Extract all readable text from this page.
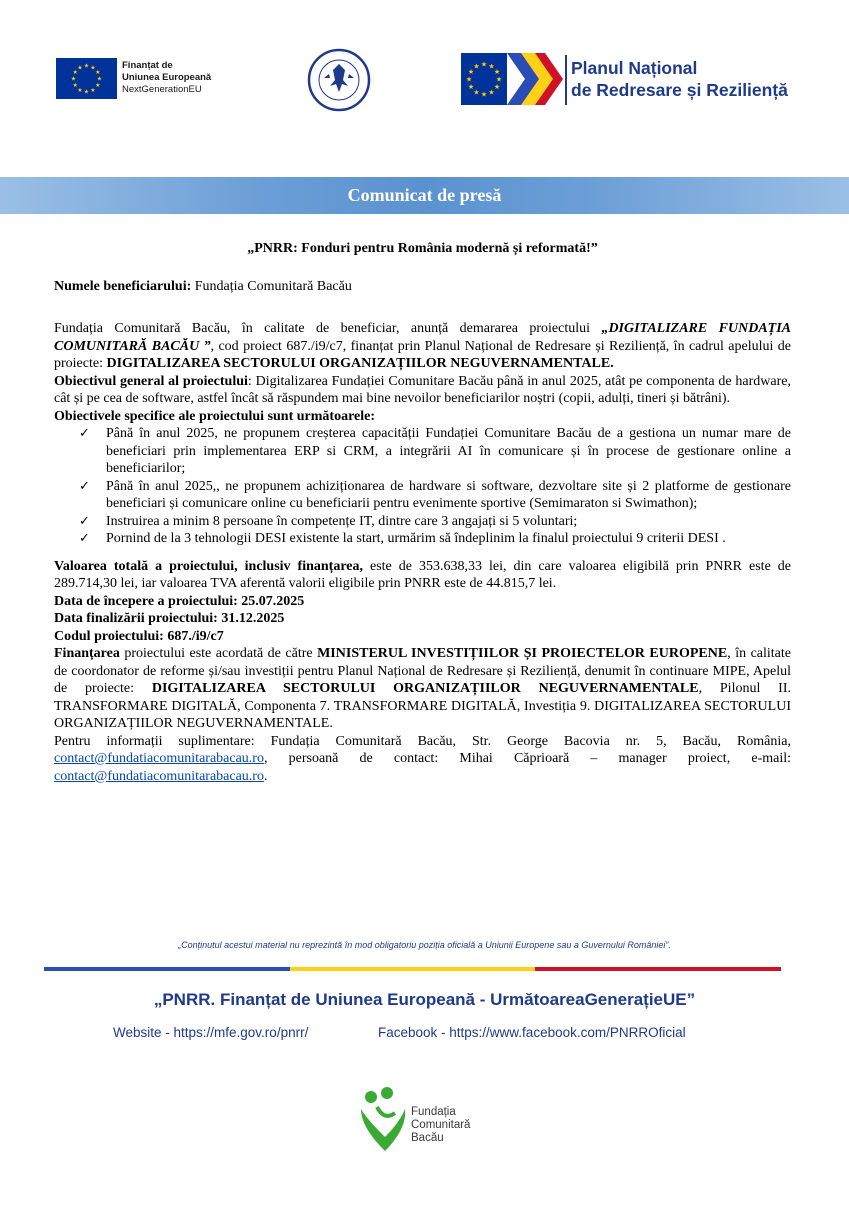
★
★
★
★
★
★
★
★
★ ★ ★
★
Finanțat de
Uniunea Europeană
NextGenerationEU
★
★
★
★
★
★
★
★
★ ★ ★
★	Planul Național
de Redresare și Reziliență
Comunicat de presă

„PNRR: Fonduri pentru România modernă și reformată!”

Numele beneficiarului: Fundația Comunitară Bacău

Fundația Comunitară Bacău, în calitate de beneficiar, anunță demararea proiectului „DIGITALIZARE FUNDAȚIA COMUNITARĂ BACĂU ”, cod proiect 687./i9/c7, finanțat prin Planul Național de Redresare și Reziliență, în cadrul apelului de proiecte: DIGITALIZAREA SECTORULUI ORGANIZAȚIILOR NEGUVERNAMENTALE.

Obiectivul general al proiectului: Digitalizarea Fundației Comunitare Bacău până in anul 2025, atât pe componenta de hardware, cât și pe cea de software, astfel încât să răspundem mai bine nevoilor beneficiarilor noștri (copii, adulți, tineri și bătrâni).

Obiectivele specifice ale proiectului sunt următoarele:

✓ Până în anul 2025, ne propunem creșterea capacitǎții Fundației Comunitare Bacău de a gestiona un numar mare de beneficiari prin implementarea ERP si CRM, a integrării AI în comunicare și în procese de gestionare online a beneficiarilor;
✓ Până în anul 2025,, ne propunem achiziționarea de hardware si software, dezvoltare site și 2 platforme de gestionare beneficiari și comunicare online cu beneficiarii pentru evenimente sportive (Semimaraton si Swimathon);
✓ Instruirea a minim 8 persoane în competențe IT, dintre care 3 angajați si 5 voluntari;
✓ Pornind de la 3 tehnologii DESI existente la start, urmărim să îndeplinim la finalul proiectului 9 criterii DESI .

Valoarea totală a proiectului, inclusiv finanțarea, este de 353.638,33 lei, din care valoarea eligibilă prin PNRR este de 289.714,30 lei, iar valoarea TVA aferentă valorii eligibile prin PNRR este de 44.815,7 lei.

Data de începere a proiectului: 25.07.2025

Data finalizării proiectului: 31.12.2025

Codul proiectului: 687./i9/c7

Finanțarea proiectului este acordată de către MINISTERUL INVESTIȚIILOR ȘI PROIECTELOR EUROPENE, în calitate de coordonator de reforme și/sau investiții pentru Planul Național de Redresare și Reziliență, denumit în continuare MIPE, Apelul de proiecte: DIGITALIZAREA SECTORULUI ORGANIZAȚIILOR NEGUVERNAMENTALE, Pilonul II. TRANSFORMARE DIGITALĂ, Componenta 7. TRANSFORMARE DIGITALĂ, Investiția 9. DIGITALIZAREA SECTORULUI ORGANIZAȚIILOR NEGUVERNAMENTALE.

Pentru informații suplimentare: Fundația Comunitară Bacău, Str. George Bacovia nr. 5, Bacău, România, contact@fundatiacomunitarabacau.ro, persoană de contact: Mihai Căprioară – manager proiect, e-mail: contact@fundatiacomunitarabacau.ro.

„Conținutul acestui material nu reprezintă în mod obligatoriu poziția oficială a Uniunii Europene sau a Guvernului României”.
„PNRR. Finanțat de Uniunea Europeană - UrmătoareaGenerațieUE”
Website - https://mfe.gov.ro/pnrr/	Facebook - https://www.facebook.com/PNRROficial
Fundația
Comunitară
Bacău
